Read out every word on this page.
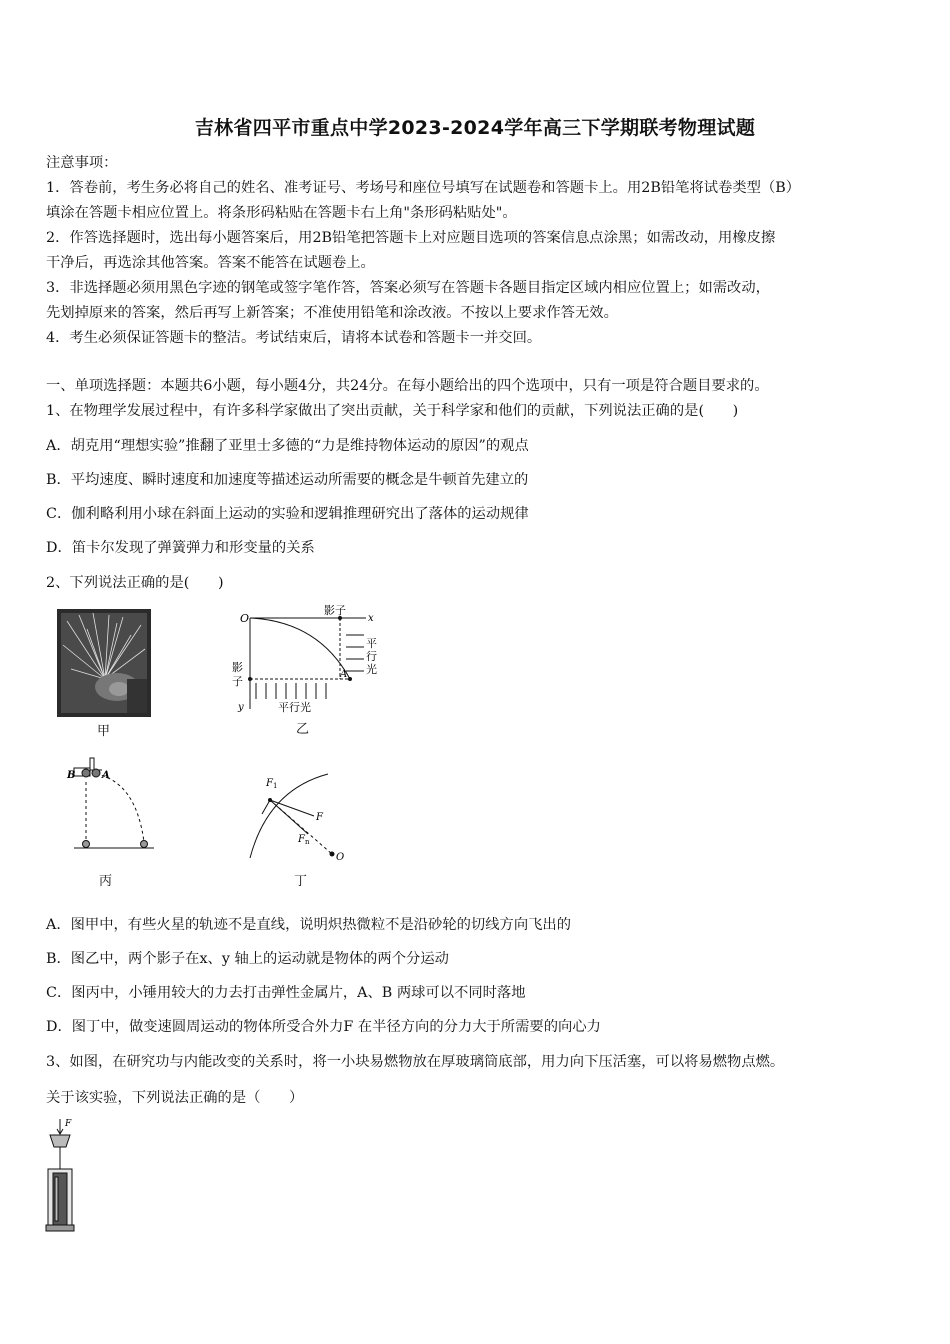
吉林省四平市重点中学2023-2024学年高三下学期联考物理试题
注意事项：
1．答卷前，考生务必将自己的姓名、准考证号、考场号和座位号填写在试题卷和答题卡上。用2B铅笔将试卷类型（B）
填涂在答题卡相应位置上。将条形码粘贴在答题卡右上角"条形码粘贴处"。
2．作答选择题时，选出每小题答案后，用2B铅笔把答题卡上对应题目选项的答案信息点涂黑；如需改动，用橡皮擦
干净后，再选涂其他答案。答案不能答在试题卷上。
3．非选择题必须用黑色字迹的钢笔或签字笔作答，答案必须写在答题卡各题目指定区域内相应位置上；如需改动，
先划掉原来的答案，然后再写上新答案；不准使用铅笔和涂改液。不按以上要求作答无效。
4．考生必须保证答题卡的整洁。考试结束后，请将本试卷和答题卡一并交回。
一、单项选择题：本题共6小题，每小题4分，共24分。在每小题给出的四个选项中，只有一项是符合题目要求的。
1、在物理学发展过程中，有许多科学家做出了突出贡献，关于科学家和他们的贡献，下列说法正确的是(　　)
A．胡克用“理想实验”推翻了亚里士多德的“力是维持物体运动的原因”的观点
B．平均速度、瞬时速度和加速度等描述运动所需要的概念是牛顿首先建立的
C．伽利略利用小球在斜面上运动的实验和逻辑推理研究出了落体的运动规律
D．笛卡尔发现了弹簧弹力和形变量的关系
2、下列说法正确的是(　　)
甲
O
影子
x
影
子
y	平行光
平
行
光
A
乙
B	A
丙
F 1
F
F n
O
丁
A．图甲中，有些火星的轨迹不是直线，说明炽热微粒不是沿砂轮的切线方向飞出的
B．图乙中，两个影子在x、y 轴上的运动就是物体的两个分运动
C．图丙中，小锤用较大的力去打击弹性金属片，A、B 两球可以不同时落地
D．图丁中，做变速圆周运动的物体所受合外力F 在半径方向的分力大于所需要的向心力
3、如图，在研究功与内能改变的关系时，将一小块易燃物放在厚玻璃筒底部，用力向下压活塞，可以将易燃物点燃。
关于该实验，下列说法正确的是（　　）
F
